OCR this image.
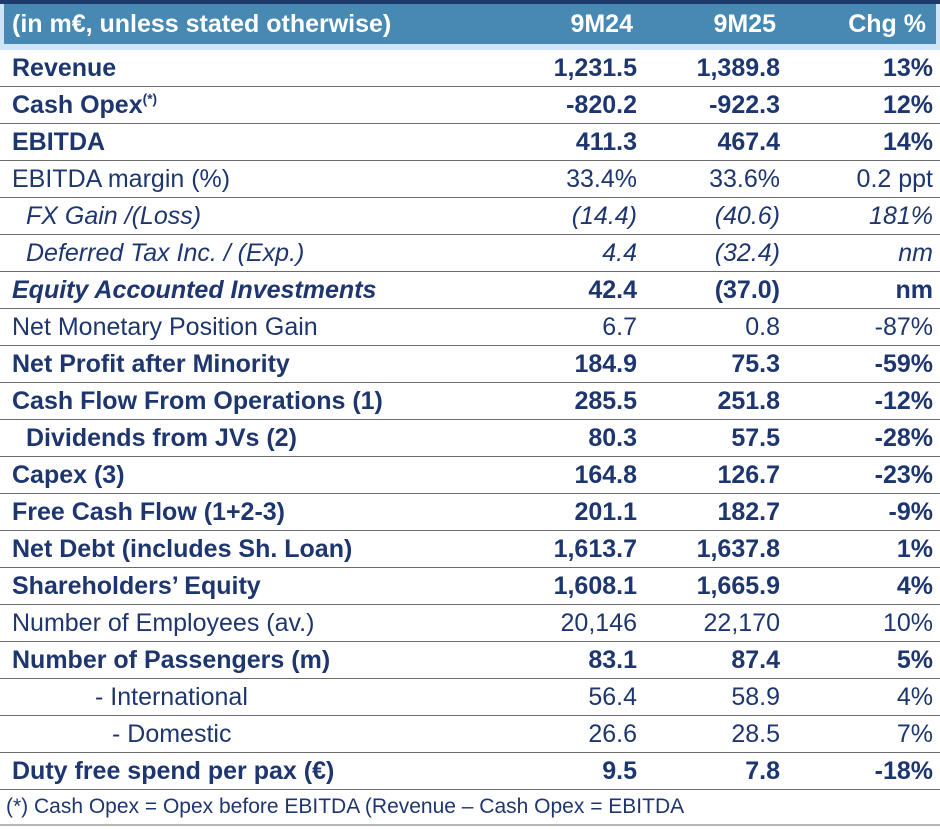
(in m€, unless stated otherwise)	9M24	9M25	Chg %
Revenue	1,231.5	1,389.8	13%
Cash Opex(*)	-820.2	-922.3	12%
EBITDA	411.3	467.4	14%
EBITDA margin (%)	33.4%	33.6%	0.2 ppt
FX Gain /(Loss)	(14.4)	(40.6)	181%
Deferred Tax Inc. / (Exp.)	4.4	(32.4)	nm
Equity Accounted Investments	42.4	(37.0)	nm
Net Monetary Position Gain	6.7	0.8	-87%
Net Profit after Minority	184.9	75.3	-59%
Cash Flow From Operations (1)	285.5	251.8	-12%
Dividends from JVs (2)	80.3	57.5	-28%
Capex (3)	164.8	126.7	-23%
Free Cash Flow (1+2-3)	201.1	182.7	-9%
Net Debt (includes Sh. Loan)	1,613.7	1,637.8	1%
Shareholders’ Equity	1,608.1	1,665.9	4%
Number of Employees (av.)	20,146	22,170	10%
Number of Passengers (m)	83.1	87.4	5%
- International	56.4	58.9	4%
- Domestic	26.6	28.5	7%
Duty free spend per pax (€)	9.5	7.8	-18%
(*) Cash Opex = Opex before EBITDA (Revenue – Cash Opex = EBITDA
